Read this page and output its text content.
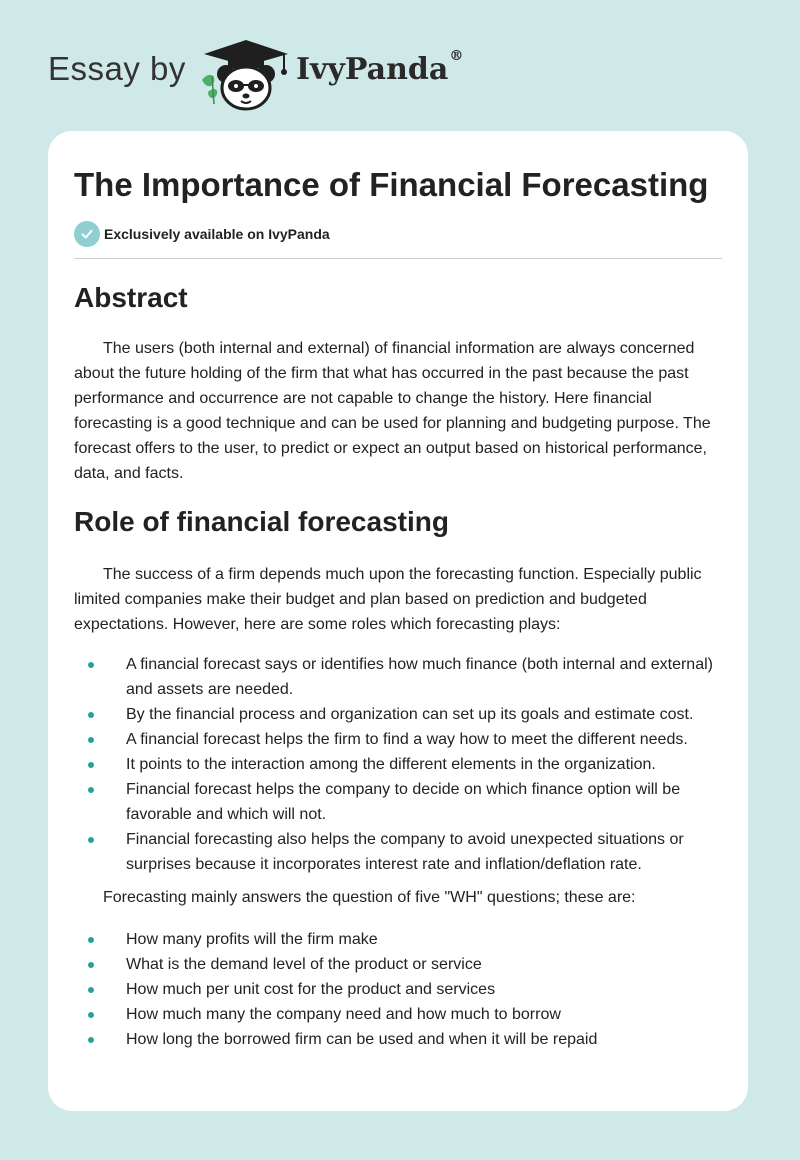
Essay by	IvyPanda®
The Importance of Financial Forecasting
Exclusively available on IvyPanda
Abstract

The users (both internal and external) of financial information are always concerned about the future holding of the firm that what has occurred in the past because the past performance and occurrence are not capable to change the history. Here financial forecasting is a good technique and can be used for planning and budgeting purpose. The forecast offers to the user, to predict or expect an output based on historical performance, data, and facts.

Role of financial forecasting

The success of a firm depends much upon the forecasting function. Especially public limited companies make their budget and plan based on prediction and budgeted expectations. However, here are some roles which forecasting plays:

A financial forecast says or identifies how much finance (both internal and external) and assets are needed.
By the financial process and organization can set up its goals and estimate cost.
A financial forecast helps the firm to find a way how to meet the different needs.
It points to the interaction among the different elements in the organization.
Financial forecast helps the company to decide on which finance option will be favorable and which will not.
Financial forecasting also helps the company to avoid unexpected situations or surprises because it incorporates interest rate and inflation/deflation rate.

Forecasting mainly answers the question of five "WH" questions; these are:

How many profits will the firm make
What is the demand level of the product or service
How much per unit cost for the product and services
How much many the company need and how much to borrow
How long the borrowed firm can be used and when it will be repaid
